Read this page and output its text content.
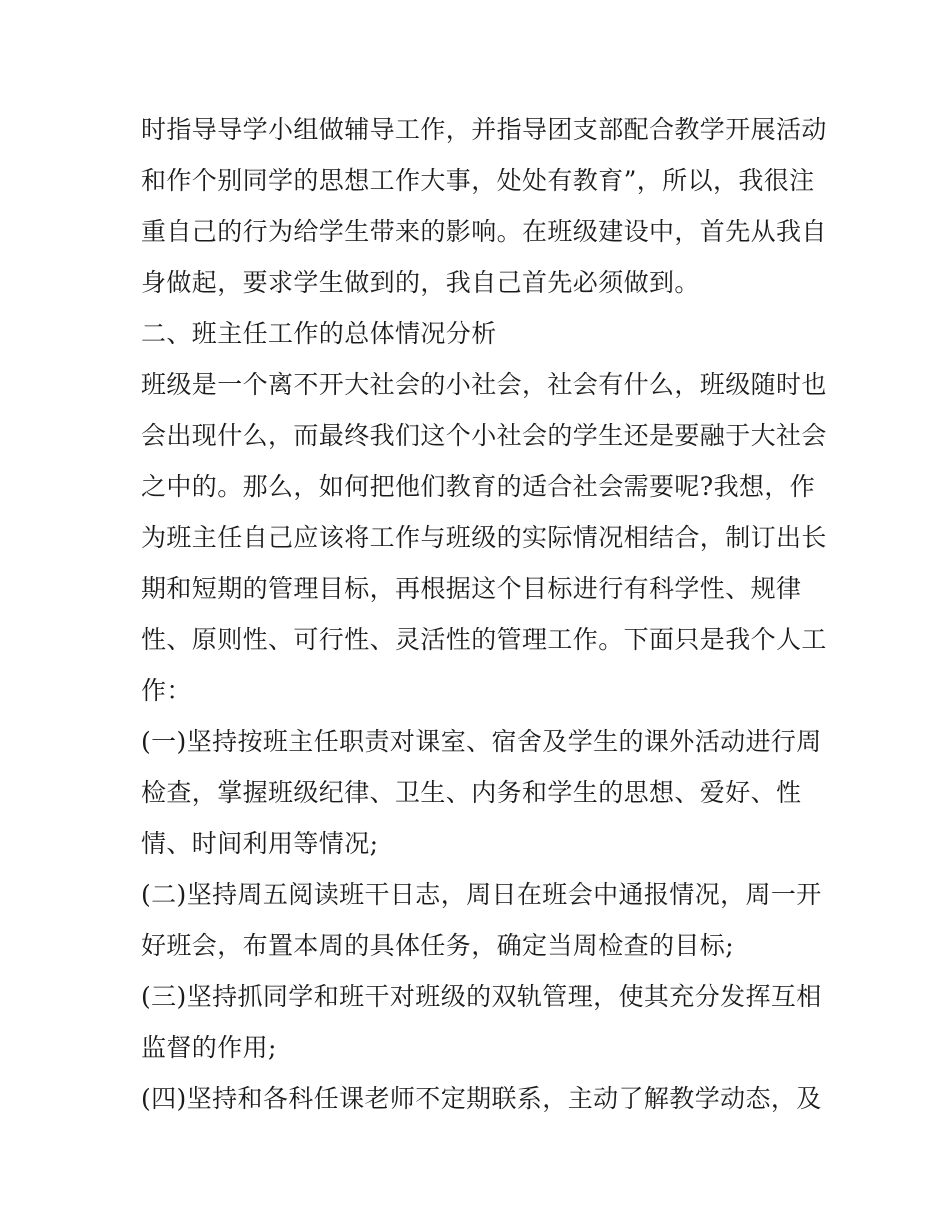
时指导导学小组做辅导工作，并指导团支部配合教学开展活动
和作个别同学的思想工作大事，处处有教育”，所以，我很注
重自己的行为给学生带来的影响。在班级建设中，首先从我自
身做起，要求学生做到的，我自己首先必须做到。
二、班主任工作的总体情况分析
班级是一个离不开大社会的小社会，社会有什么，班级随时也
会出现什么，而最终我们这个小社会的学生还是要融于大社会
之中的。那么，如何把他们教育的适合社会需要呢?我想，作
为班主任自己应该将工作与班级的实际情况相结合，制订出长
期和短期的管理目标，再根据这个目标进行有科学性、规律
性、原则性、可行性、灵活性的管理工作。下面只是我个人工
作：
(一)坚持按班主任职责对课室、宿舍及学生的课外活动进行周
检查，掌握班级纪律、卫生、内务和学生的思想、爱好、性
情、时间利用等情况;
(二)坚持周五阅读班干日志，周日在班会中通报情况，周一开
好班会，布置本周的具体任务，确定当周检查的目标;
(三)坚持抓同学和班干对班级的双轨管理，使其充分发挥互相
监督的作用;
(四)坚持和各科任课老师不定期联系，主动了解教学动态，及
